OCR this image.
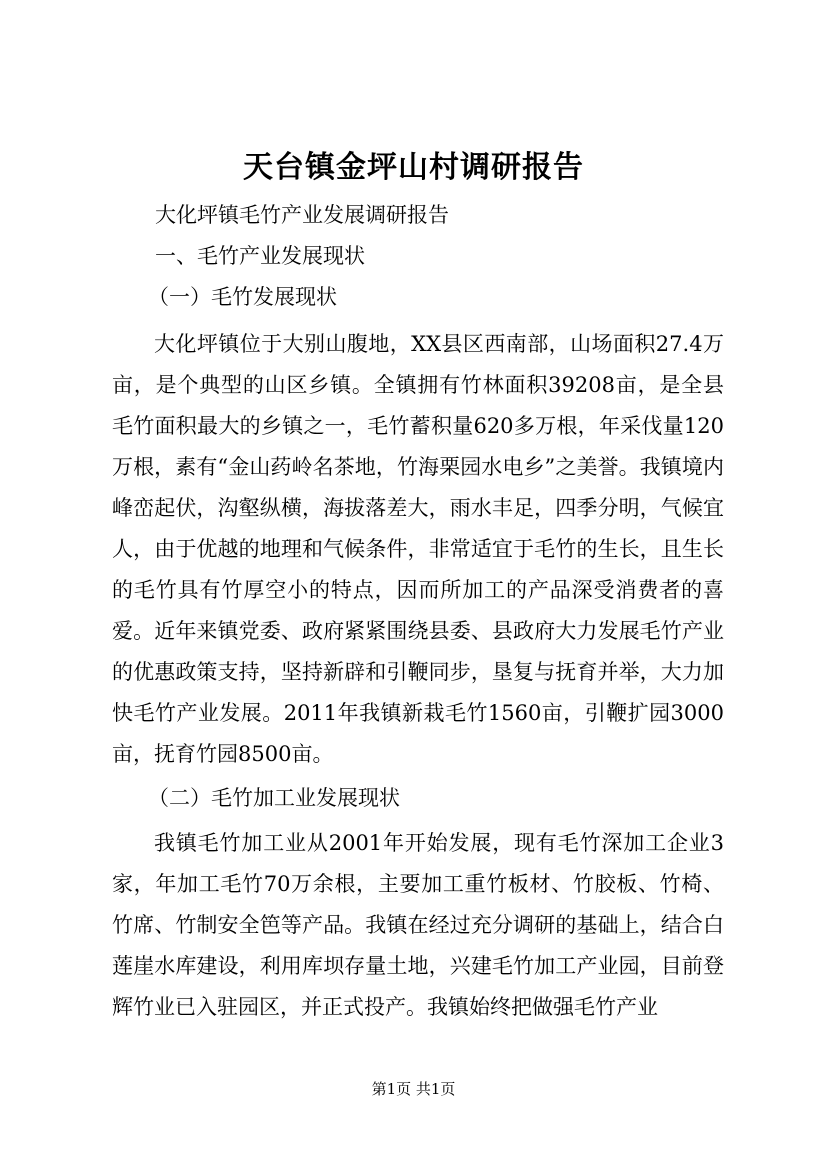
天台镇金坪山村调研报告
大化坪镇毛竹产业发展调研报告
一、毛竹产业发展现状
（一）毛竹发展现状

大化坪镇位于大别山腹地，XX县区西南部，山场面积27.4万亩，是个典型的山区乡镇。全镇拥有竹林面积39208亩，是全县毛竹面积最大的乡镇之一，毛竹蓄积量620多万根，年采伐量120万根，素有“金山药岭名茶地，竹海栗园水电乡”之美誉。我镇境内峰峦起伏，沟壑纵横，海拔落差大，雨水丰足，四季分明，气候宜人，由于优越的地理和气候条件，非常适宜于毛竹的生长，且生长的毛竹具有竹厚空小的特点，因而所加工的产品深受消费者的喜爱。近年来镇党委、政府紧紧围绕县委、县政府大力发展毛竹产业的优惠政策支持，坚持新辟和引鞭同步，垦复与抚育并举，大力加快毛竹产业发展。2011年我镇新栽毛竹1560亩，引鞭扩园3000亩，抚育竹园8500亩。

（二）毛竹加工业发展现状

我镇毛竹加工业从2001年开始发展，现有毛竹深加工企业3家，年加工毛竹70万余根，主要加工重竹板材、竹胶板、竹椅、竹席、竹制安全笆等产品。我镇在经过充分调研的基础上，结合白莲崖水库建设，利用库坝存量土地，兴建毛竹加工产业园，目前登辉竹业已入驻园区，并正式投产。我镇始终把做强毛竹产业

第1页 共1页
